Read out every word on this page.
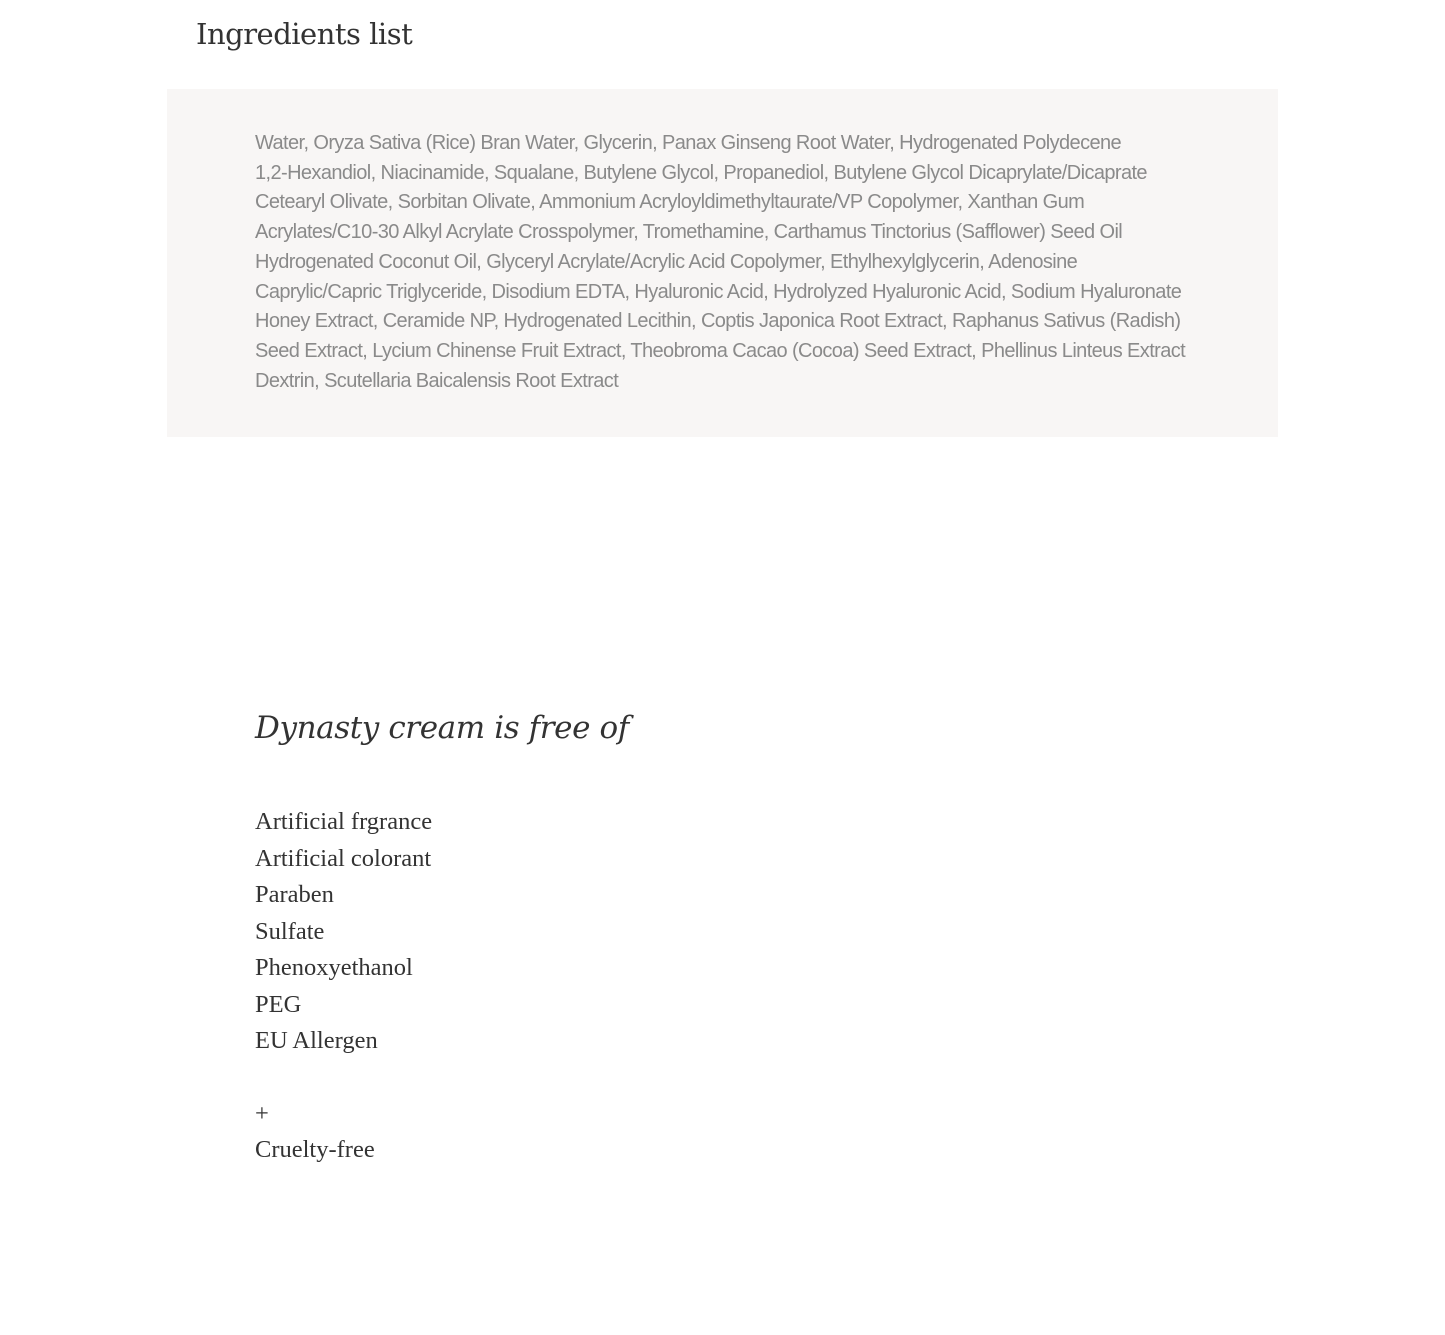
Ingredients list
Water, Oryza Sativa (Rice) Bran Water, Glycerin, Panax Ginseng Root Water, Hydrogenated Polydecene
1,2-Hexandiol, Niacinamide, Squalane, Butylene Glycol, Propanediol, Butylene Glycol Dicaprylate/Dicaprate
Cetearyl Olivate, Sorbitan Olivate, Ammonium Acryloyldimethyltaurate/VP Copolymer, Xanthan Gum
Acrylates/C10-30 Alkyl Acrylate Crosspolymer, Tromethamine, Carthamus Tinctorius (Safflower) Seed Oil
Hydrogenated Coconut Oil, Glyceryl Acrylate/Acrylic Acid Copolymer, Ethylhexylglycerin, Adenosine
Caprylic/Capric Triglyceride, Disodium EDTA, Hyaluronic Acid, Hydrolyzed Hyaluronic Acid, Sodium Hyaluronate
Honey Extract, Ceramide NP, Hydrogenated Lecithin, Coptis Japonica Root Extract, Raphanus Sativus (Radish)
Seed Extract, Lycium Chinense Fruit Extract, Theobroma Cacao (Cocoa) Seed Extract, Phellinus Linteus Extract
Dextrin, Scutellaria Baicalensis Root Extract
Dynasty cream is free of
Artificial frgrance
Artificial colorant
Paraben
Sulfate
Phenoxyethanol
PEG
EU Allergen
+
Cruelty-free
